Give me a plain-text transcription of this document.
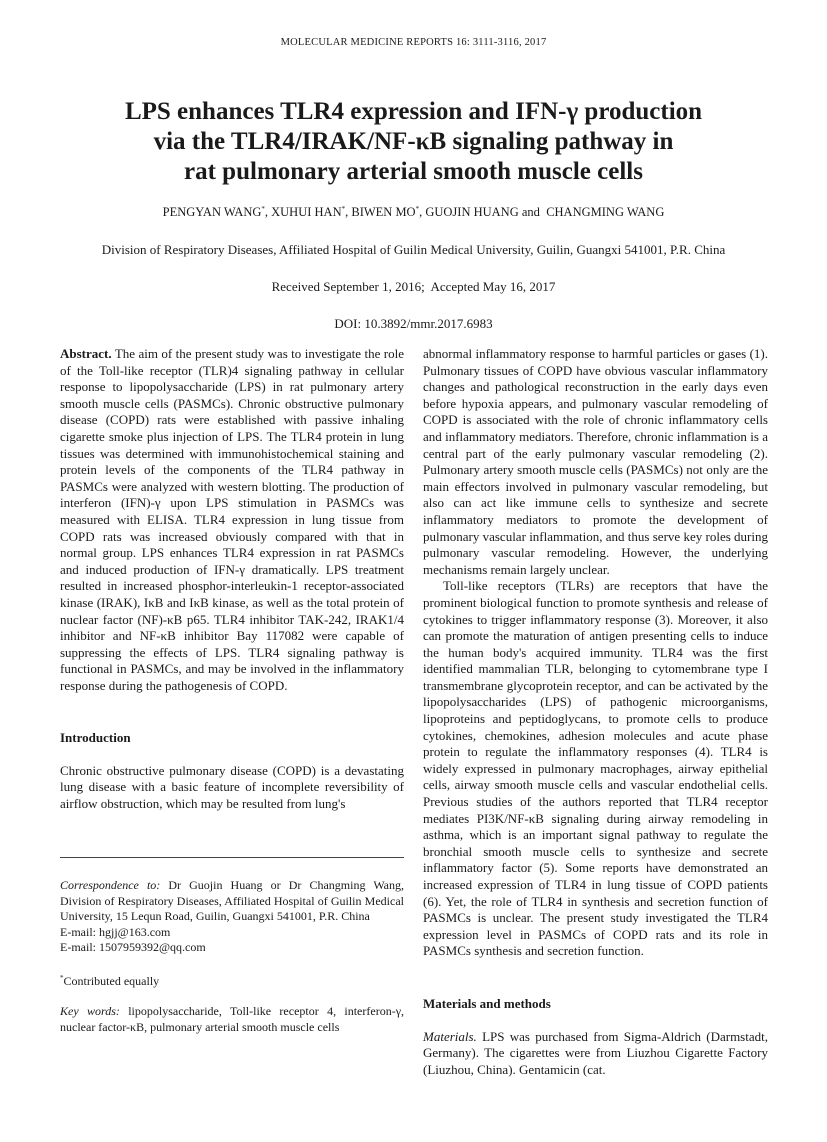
MOLECULAR MEDICINE REPORTS 16: 3111-3116, 2017
LPS enhances TLR4 expression and IFN-γ production
via the TLR4/IRAK/NF-κB signaling pathway in
rat pulmonary arterial smooth muscle cells
PENGYAN WANG*, XUHUI HAN*, BIWEN MO*, GUOJIN HUANG and  CHANGMING WANG
Division of Respiratory Diseases, Affiliated Hospital of Guilin Medical University, Guilin, Guangxi 541001, P.R. China
Received September 1, 2016;  Accepted May 16, 2017
DOI: 10.3892/mmr.2017.6983

Abstract. The aim of the present study was to investigate the role of the Toll-like receptor (TLR)4 signaling pathway in cellular response to lipopolysaccharide (LPS) in rat pulmonary artery smooth muscle cells (PASMCs). Chronic obstructive pulmonary disease (COPD) rats were established with passive inhaling cigarette smoke plus injection of LPS. The TLR4 protein in lung tissues was determined with immunohistochemical staining and protein levels of the components of the TLR4 pathway in PASMCs were analyzed with western blotting. The production of interferon (IFN)-γ upon LPS stimulation in PASMCs was measured with ELISA. TLR4 expression in lung tissue from COPD rats was increased obviously compared with that in normal group. LPS enhances TLR4 expression in rat PASMCs and induced production of IFN-γ dramatically. LPS treatment resulted in increased phosphor-interleukin-1 receptor-associated kinase (IRAK), IκB and IκB kinase, as well as the total protein of nuclear factor (NF)-κB p65. TLR4 inhibitor TAK-242, IRAK1/4 inhibitor and NF-κB inhibitor Bay 117082 were capable of suppressing the effects of LPS. TLR4 signaling pathway is functional in PASMCs, and may be involved in the inflammatory response during the pathogenesis of COPD.

Introduction

Chronic obstructive pulmonary disease (COPD) is a devastating lung disease with a basic feature of incomplete reversibility of airflow obstruction, which may be resulted from lung's

Correspondence to: Dr Guojin Huang or Dr Changming Wang, Division of Respiratory Diseases, Affiliated Hospital of Guilin Medical University, 15 Lequn Road, Guilin, Guangxi 541001, P.R. China

E-mail: hgjj@163.com

E-mail: 1507959392@qq.com

*Contributed equally

Key words: lipopolysaccharide, Toll-like receptor 4, interferon-γ, nuclear factor-κB, pulmonary arterial smooth muscle cells

abnormal inflammatory response to harmful particles or gases (1). Pulmonary tissues of COPD have obvious vascular inflammatory changes and pathological reconstruction in the early days even before hypoxia appears, and pulmonary vascular remodeling of COPD is associated with the role of chronic inflammatory cells and inflammatory mediators. Therefore, chronic inflammation is a central part of the early pulmonary vascular remodeling (2). Pulmonary artery smooth muscle cells (PASMCs) not only are the main effectors involved in pulmonary vascular remodeling, but also can act like immune cells to synthesize and secrete inflammatory mediators to promote the development of pulmonary vascular inflammation, and thus serve key roles during pulmonary vascular remodeling. However, the underlying mechanisms remain largely unclear.

Toll-like receptors (TLRs) are receptors that have the prominent biological function to promote synthesis and release of cytokines to trigger inflammatory response (3). Moreover, it also can promote the maturation of antigen presenting cells to induce the human body's acquired immunity. TLR4 was the first identified mammalian TLR, belonging to cytomembrane type I transmembrane glycoprotein receptor, and can be activated by the lipopolysaccharides (LPS) of pathogenic microorganisms, lipoproteins and peptidoglycans, to promote cells to produce cytokines, chemokines, adhesion molecules and acute phase protein to regulate the inflammatory responses (4). TLR4 is widely expressed in pulmonary macrophages, airway epithelial cells, airway smooth muscle cells and vascular endothelial cells. Previous studies of the authors reported that TLR4 receptor mediates PI3K/NF-κB signaling during airway remodeling in asthma, which is an important signal pathway to regulate the bronchial smooth muscle cells to synthesize and secrete inflammatory factor (5). Some reports have demonstrated an increased expression of TLR4 in lung tissue of COPD patients (6). Yet, the role of TLR4 in synthesis and secretion function of PASMCs is unclear. The present study investigated the TLR4 expression level in PASMCs of COPD rats and its role in PASMCs synthesis and secretion function.

Materials and methods

Materials. LPS was purchased from Sigma-Aldrich (Darmstadt, Germany). The cigarettes were from Liuzhou Cigarette Factory (Liuzhou, China). Gentamicin (cat.
